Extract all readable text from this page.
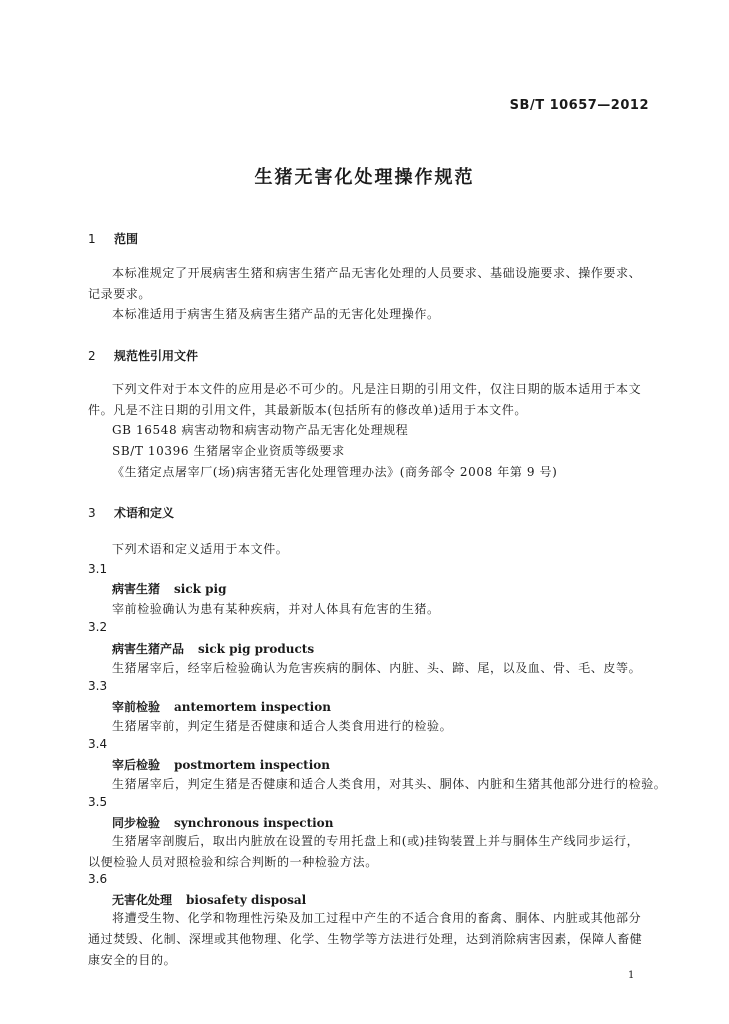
SB/T 10657—2012
生猪无害化处理操作规范
1 范围
本标准规定了开展病害生猪和病害生猪产品无害化处理的人员要求、基础设施要求、操作要求、记录要求。
本标准适用于病害生猪及病害生猪产品的无害化处理操作。
2 规范性引用文件
下列文件对于本文件的应用是必不可少的。凡是注日期的引用文件，仅注日期的版本适用于本文件。凡是不注日期的引用文件，其最新版本(包括所有的修改单)适用于本文件。
GB 16548 病害动物和病害动物产品无害化处理规程
SB/T 10396 生猪屠宰企业资质等级要求
《生猪定点屠宰厂(场)病害猪无害化处理管理办法》(商务部令 2008 年第 9 号)
3 术语和定义
下列术语和定义适用于本文件。
3.1
病害生猪 sick pig
宰前检验确认为患有某种疾病，并对人体具有危害的生猪。
3.2
病害生猪产品 sick pig products
生猪屠宰后，经宰后检验确认为危害疾病的胴体、内脏、头、蹄、尾，以及血、骨、毛、皮等。
3.3
宰前检验 antemortem inspection
生猪屠宰前，判定生猪是否健康和适合人类食用进行的检验。
3.4
宰后检验 postmortem inspection
生猪屠宰后，判定生猪是否健康和适合人类食用，对其头、胴体、内脏和生猪其他部分进行的检验。
3.5
同步检验 synchronous inspection
生猪屠宰剖腹后，取出内脏放在设置的专用托盘上和(或)挂钩装置上并与胴体生产线同步运行，以便检验人员对照检验和综合判断的一种检验方法。
3.6
无害化处理 biosafety disposal
将遭受生物、化学和物理性污染及加工过程中产生的不适合食用的畜禽、胴体、内脏或其他部分通过焚毁、化制、深埋或其他物理、化学、生物学等方法进行处理，达到消除病害因素，保障人畜健康安全的目的。
1
